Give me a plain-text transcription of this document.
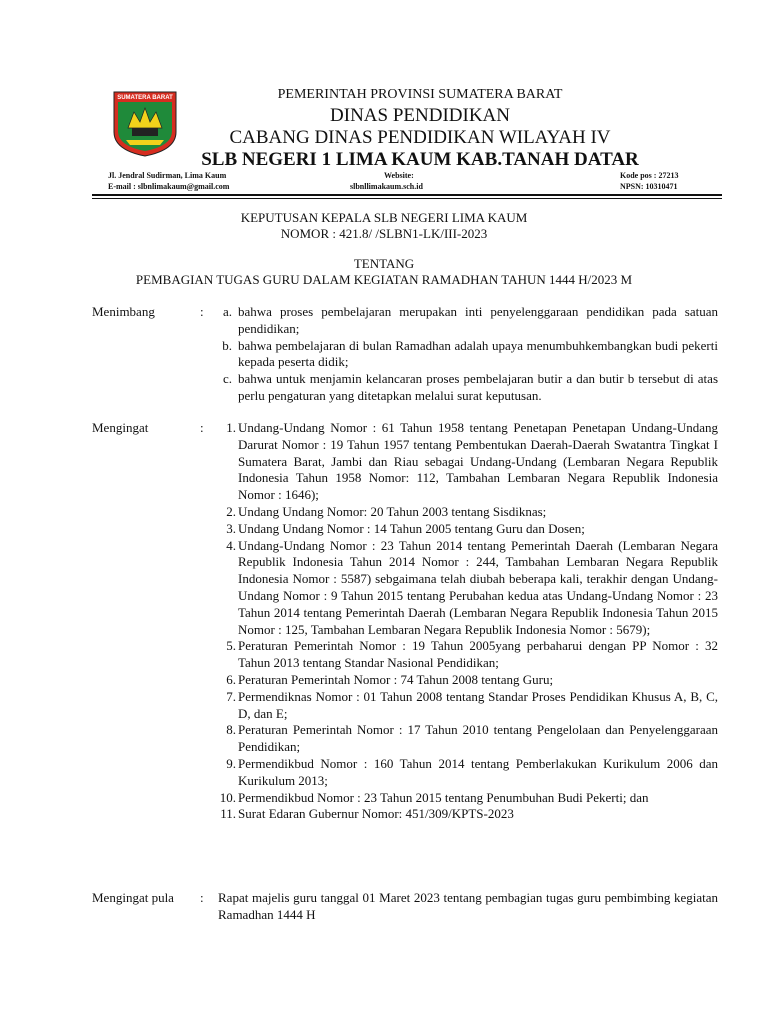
SUMATERA BARAT	PEMERINTAH PROVINSI SUMATERA BARAT
DINAS PENDIDIKAN
CABANG DINAS PENDIDIKAN WILAYAH IV
SLB NEGERI 1 LIMA KAUM KAB.TANAH DATAR
Jl. Jendral Sudirman, Lima Kaum
E-mail : slbnlimakaum@gmail.com
Website:
slbnllimakaum.sch.id
Kode pos : 27213
NPSN: 10310471
KEPUTUSAN KEPALA SLB NEGERI LIMA KAUM
NOMOR : 421.8/ /SLBN1-LK/III-2023
TENTANG
PEMBAGIAN TUGAS GURU DALAM KEGIATAN RAMADHAN TAHUN 1444 H/2023 M
Menimbang	:	a. bahwa proses pembelajaran merupakan inti penyelenggaraan pendidikan pada satuan pendidikan;
b. bahwa pembelajaran di bulan Ramadhan adalah upaya menumbuhkembangkan budi pekerti kepada peserta didik;
c. bahwa untuk menjamin kelancaran proses pembelajaran butir a dan butir b tersebut di atas perlu pengaturan yang ditetapkan melalui surat keputusan.
Mengingat	:	1. Undang-Undang Nomor : 61 Tahun 1958 tentang Penetapan Penetapan Undang-Undang Darurat Nomor : 19 Tahun 1957 tentang Pembentukan Daerah-Daerah Swatantra Tingkat I Sumatera Barat, Jambi dan Riau sebagai Undang-Undang (Lembaran Negara Republik Indonesia Tahun 1958 Nomor: 112, Tambahan Lembaran Negara Republik Indonesia Nomor : 1646);
2. Undang Undang Nomor: 20 Tahun 2003 tentang Sisdiknas;
3. Undang Undang Nomor : 14 Tahun 2005 tentang Guru dan Dosen;
4. Undang-Undang Nomor : 23 Tahun 2014 tentang Pemerintah Daerah (Lembaran Negara Republik Indonesia Tahun 2014 Nomor : 244, Tambahan Lembaran Negara Republik Indonesia Nomor : 5587) sebgaimana telah diubah beberapa kali, terakhir dengan Undang-Undang Nomor : 9 Tahun 2015 tentang Perubahan kedua atas Undang-Undang Nomor : 23 Tahun 2014 tentang Pemerintah Daerah (Lembaran Negara Republik Indonesia Tahun 2015 Nomor : 125, Tambahan Lembaran Negara Republik Indonesia Nomor : 5679);
5. Peraturan Pemerintah Nomor : 19 Tahun 2005yang perbaharui dengan PP Nomor : 32 Tahun 2013 tentang Standar Nasional Pendidikan;
6. Peraturan Pemerintah Nomor : 74 Tahun 2008 tentang Guru;
7. Permendiknas Nomor : 01 Tahun 2008 tentang Standar Proses Pendidikan Khusus A, B, C, D, dan E;
8. Peraturan Pemerintah Nomor : 17 Tahun 2010 tentang Pengelolaan dan Penyelenggaraan Pendidikan;
9. Permendikbud Nomor : 160 Tahun 2014 tentang Pemberlakukan Kurikulum 2006 dan Kurikulum 2013;
10. Permendikbud Nomor : 23 Tahun 2015 tentang Penumbuhan Budi Pekerti; dan
11. Surat Edaran Gubernur Nomor: 451/309/KPTS-2023
Mengingat pula : Rapat majelis guru tanggal 01 Maret 2023 tentang pembagian tugas guru pembimbing kegiatan Ramadhan 1444 H
